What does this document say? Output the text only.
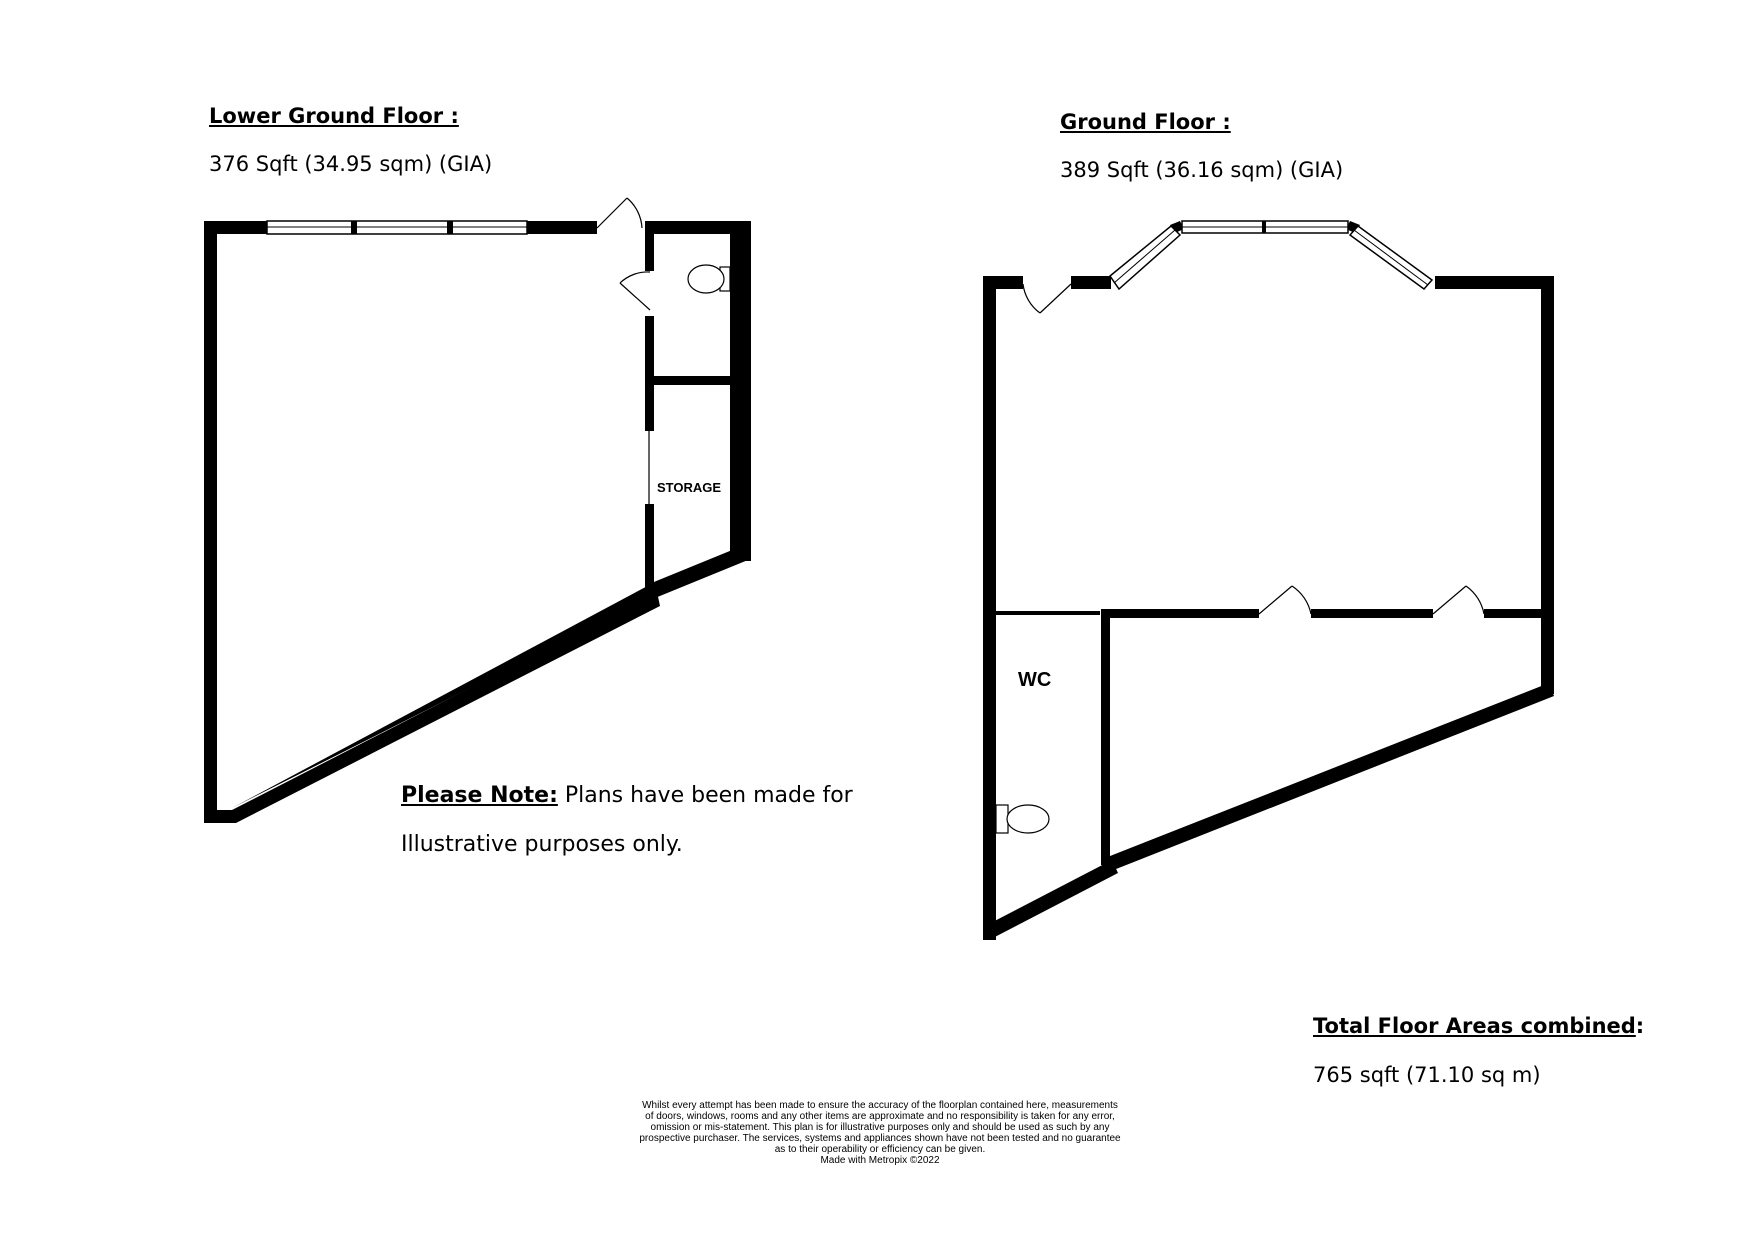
Lower Ground Floor :
376 Sqft (34.95 sqm) (GIA)
Ground Floor :
389 Sqft (36.16 sqm) (GIA)
Please Note: Plans have been made for
Illustrative purposes only.
Total Floor Areas combined:
765 sqft (71.10 sq m)
Whilst every attempt has been made to ensure the accuracy of the floorplan contained here, measurements
of doors, windows, rooms and any other items are approximate and no responsibility is taken for any error,
omission or mis-statement. This plan is for illustrative purposes only and should be used as such by any
prospective purchaser. The services, systems and appliances shown have not been tested and no guarantee
as to their operability or efficiency can be given.
Made with Metropix ©2022
STORAGE
WC
